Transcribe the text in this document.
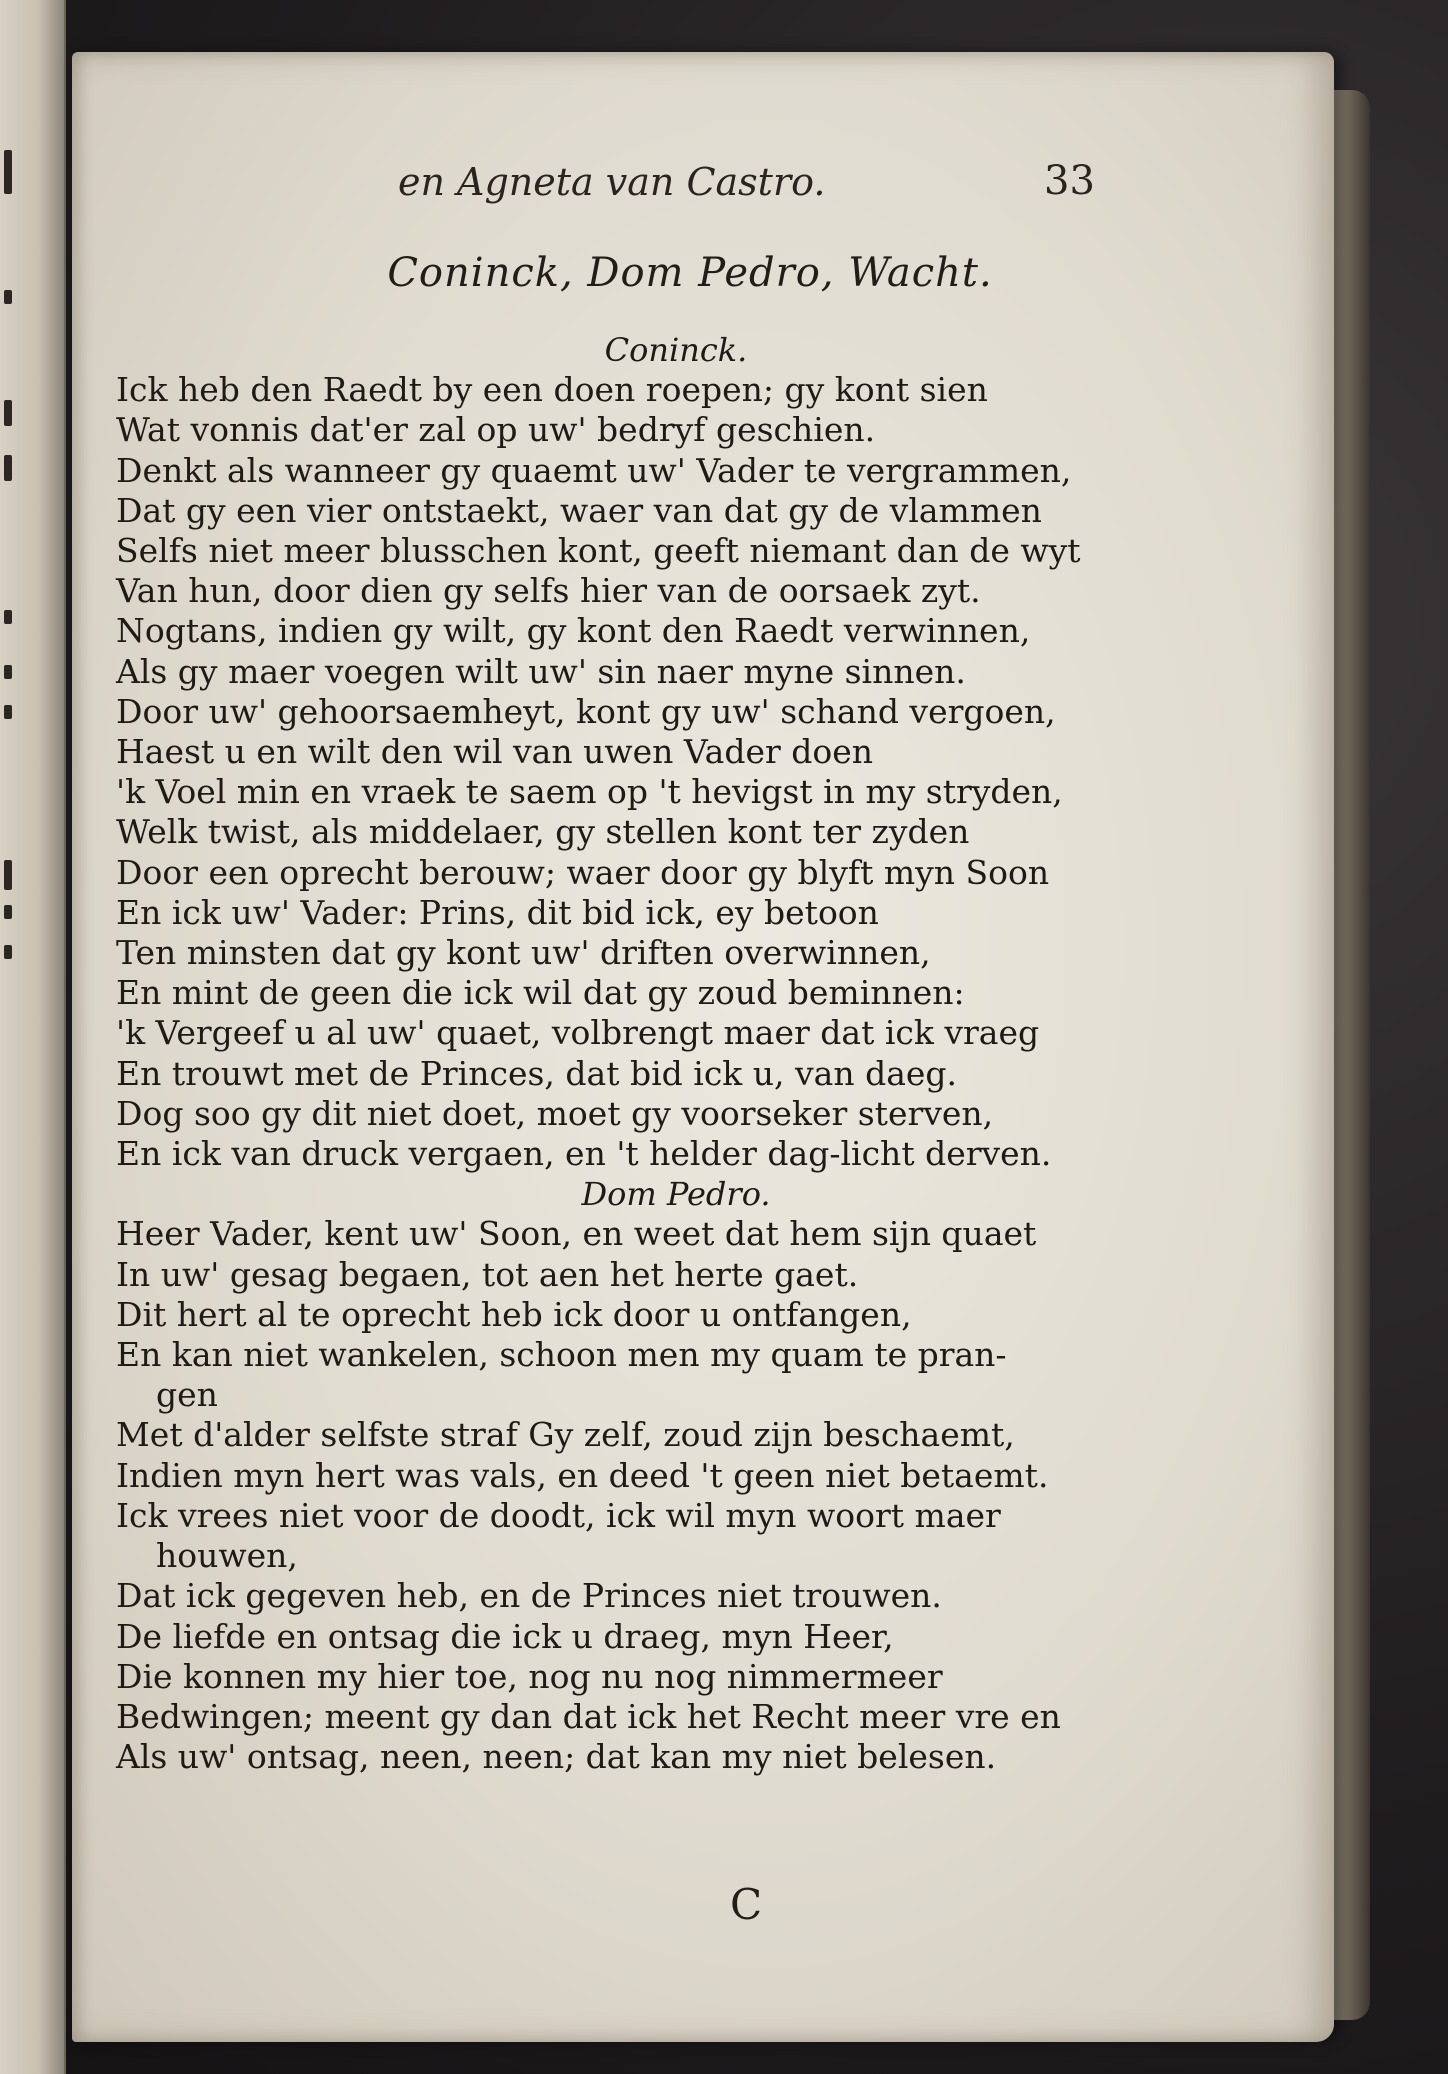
en Agneta van Castro.	33
Coninck, Dom Pedro, Wacht.
Coninck.
Ick heb den Raedt by een doen roepen; gy kont sien
Wat vonnis dat'er zal op uw' bedryf geschien.
Denkt als wanneer gy quaemt uw' Vader te vergrammen,
Dat gy een vier ontstaekt, waer van dat gy de vlammen
Selfs niet meer blusschen kont, geeft niemant dan de wyt
Van hun, door dien gy selfs hier van de oorsaek zyt.
Nogtans, indien gy wilt, gy kont den Raedt verwinnen,
Als gy maer voegen wilt uw' sin naer myne sinnen.
Door uw' gehoorsaemheyt, kont gy uw' schand vergoen,
Haest u en wilt den wil van uwen Vader doen
'k Voel min en vraek te saem op 't hevigst in my stryden,
Welk twist, als middelaer, gy stellen kont ter zyden
Door een oprecht berouw; waer door gy blyft myn Soon
En ick uw' Vader: Prins, dit bid ick, ey betoon
Ten minsten dat gy kont uw' driften overwinnen,
En mint de geen die ick wil dat gy zoud beminnen:
'k Vergeef u al uw' quaet, volbrengt maer dat ick vraeg
En trouwt met de Princes, dat bid ick u, van daeg.
Dog soo gy dit niet doet, moet gy voorseker sterven,
En ick van druck vergaen, en 't helder dag-licht derven.
Dom Pedro.
Heer Vader, kent uw' Soon, en weet dat hem sijn quaet
In uw' gesag begaen, tot aen het herte gaet.
Dit hert al te oprecht heb ick door u ontfangen,
En kan niet wankelen, schoon men my quam te pran-
gen
Met d'alder selfste straf Gy zelf, zoud zijn beschaemt,
Indien myn hert was vals, en deed 't geen niet betaemt.
Ick vrees niet voor de doodt, ick wil myn woort maer
houwen,
Dat ick gegeven heb, en de Princes niet trouwen.
De liefde en ontsag die ick u draeg, myn Heer,
Die konnen my hier toe, nog nu nog nimmermeer
Bedwingen; meent gy dan dat ick het Recht meer vre en
Als uw' ontsag, neen, neen; dat kan my niet belesen.
C
